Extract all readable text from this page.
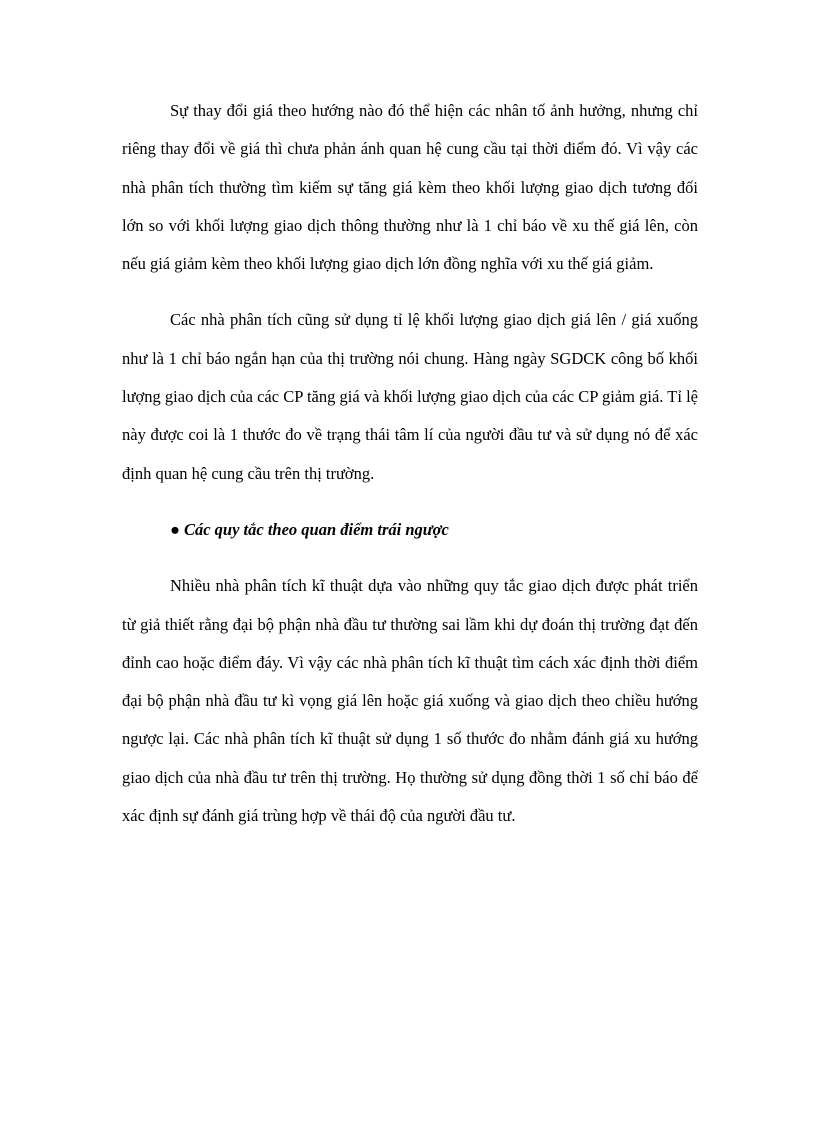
Sự thay đổi giá theo hướng nào đó thể hiện các nhân tố ảnh hưởng, nhưng chỉ riêng thay đổi về giá thì chưa phản ánh quan hệ cung cầu tại thời điểm đó. Vì vậy các nhà phân tích thường tìm kiếm sự tăng giá kèm theo khối lượng giao dịch tương đối lớn so với khối lượng giao dịch thông thường như là 1 chỉ báo về xu thế giá lên, còn nếu giá giảm kèm theo khối lượng giao dịch lớn đồng nghĩa với xu thế giá giảm.

Các nhà phân tích cũng sử dụng tỉ lệ khối lượng giao dịch giá lên / giá xuống như là 1 chỉ báo ngắn hạn của thị trường nói chung. Hàng ngày SGDCK công bố khối lượng giao dịch của các CP tăng giá và khối lượng giao dịch của các CP giảm giá. Tỉ lệ này được coi là 1 thước đo về trạng thái tâm lí của người đầu tư và sử dụng nó để xác định quan hệ cung cầu trên thị trường.

● Các quy tắc theo quan điểm trái ngược

Nhiều nhà phân tích kĩ thuật dựa vào những quy tắc giao dịch được phát triển từ giả thiết rằng đại bộ phận nhà đầu tư thường sai lầm khi dự đoán thị trường đạt đến đỉnh cao hoặc điểm đáy. Vì vậy các nhà phân tích kĩ thuật tìm cách xác định thời điểm đại bộ phận nhà đầu tư kì vọng giá lên hoặc giá xuống và giao dịch theo chiều hướng ngược lại. Các nhà phân tích kĩ thuật sử dụng 1 số thước đo nhằm đánh giá xu hướng giao dịch của nhà đầu tư trên thị trường. Họ thường sử dụng đồng thời 1 số chỉ báo để xác định sự đánh giá trùng hợp về thái độ của người đầu tư.
